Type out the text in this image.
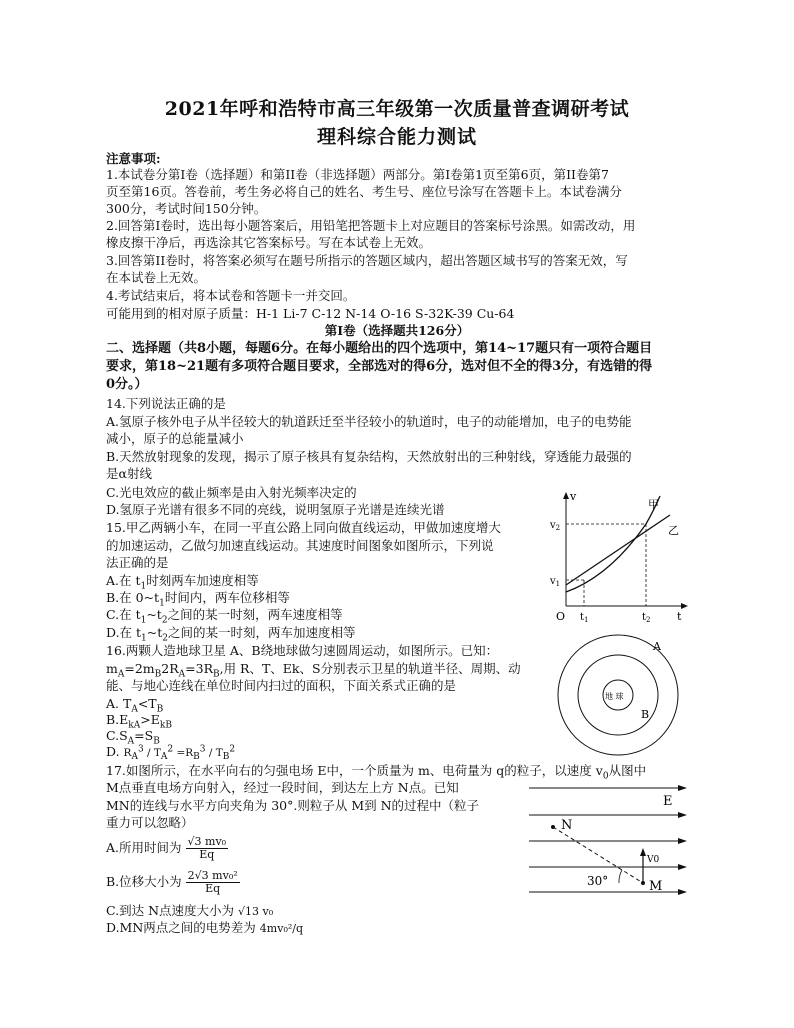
2021年呼和浩特市高三年级第一次质量普查调研考试
理科综合能力测试
注意事项:
1.本试卷分第I卷（选择题）和第II卷（非选择题）两部分。第I卷第1页至第6页，第II卷第7
页至第16页。答卷前，考生务必将自己的姓名、考生号、座位号涂写在答题卡上。本试卷满分
300分，考试时间150分钟。
2.回答第I卷时，选出每小题答案后，用铅笔把答题卡上对应题目的答案标号涂黑。如需改动，用
橡皮擦干净后，再选涂其它答案标号。写在本试卷上无效。
3.回答第II卷时，将答案必须写在题号所指示的答题区域内，超出答题区域书写的答案无效，写
在本试卷上无效。
4.考试结束后，将本试卷和答题卡一并交回。
可能用到的相对原子质量：H-1 Li-7 C-12 N-14 O-16 S-32K-39 Cu-64
第I卷（选择题共126分）
二、选择题（共8小题，每题6分。在每小题给出的四个选项中，第14~17题只有一项符合题目
要求，第18~21题有多项符合题目要求，全部选对的得6分，选对但不全的得3分，有选错的得
0分。）
14.下列说法正确的是
A.氢原子核外电子从半径较大的轨道跃迁至半径较小的轨道时，电子的动能增加，电子的电势能
减小，原子的总能量减小
B.天然放射现象的发现，揭示了原子核具有复杂结构，天然放射出的三种射线，穿透能力最强的
是α射线
C.光电效应的截止频率是由入射光频率决定的
D.氢原子光谱有很多不同的亮线，说明氢原子光谱是连续光谱
15.甲乙两辆小车，在同一平直公路上同向做直线运动，甲做加速度增大
的加速运动，乙做匀加速直线运动。其速度时间图象如图所示，下列说
法正确的是
A.在 $t_1$时刻两车加速度相等
B.在 $0\sim t_1$时间内，两车位移相等
C.在 $t_1\sim t_2$之间的某一时刻，两车速度相等
D.在 $t_1\sim t_2$之间的某一时刻，两车加速度相等
16.两颗人造地球卫星 A、B绕地球做匀速圆周运动，如图所示。已知：
$m_A=2m_B2R_A=3R_B$,用 R、T、Ek、S分别表示卫星的轨道半径、周期、动
能、与地心连线在单位时间内扫过的面积，下面关系式正确的是
A. $T_A<T_B$
$B.E_{kA}>E_{kB}$
$C.S_A=S_B$
D. $R_A^3 / T_A^2 =R_B^3 / T_B^2$
17.如图所示，在水平向右的匀强电场 E中，一个质量为 m、电荷量为 q的粒子，以速度 $v_0$从图中
M点垂直电场方向射入，经过一段时间，到达左上方 N点。已知
MN的连线与水平方向夹角为 30°.则粒子从 M到 N的过程中（粒子
重力可以忽略）
A.所用时间为 $\frac{\text{√3 mv₀}}{Eq}$
B.位移大小为 $\frac{\text{2√3 mv₀²}}{Eq}$
C.到达 N点速度大小为 √13 v₀
D.MN两点之间的电势差为 4mv₀²/q
v
$v_2$
$v_1$
O $t_1$	$t_2$ t
甲
乙
地 球
A
B
E
N
M
V0
30°
